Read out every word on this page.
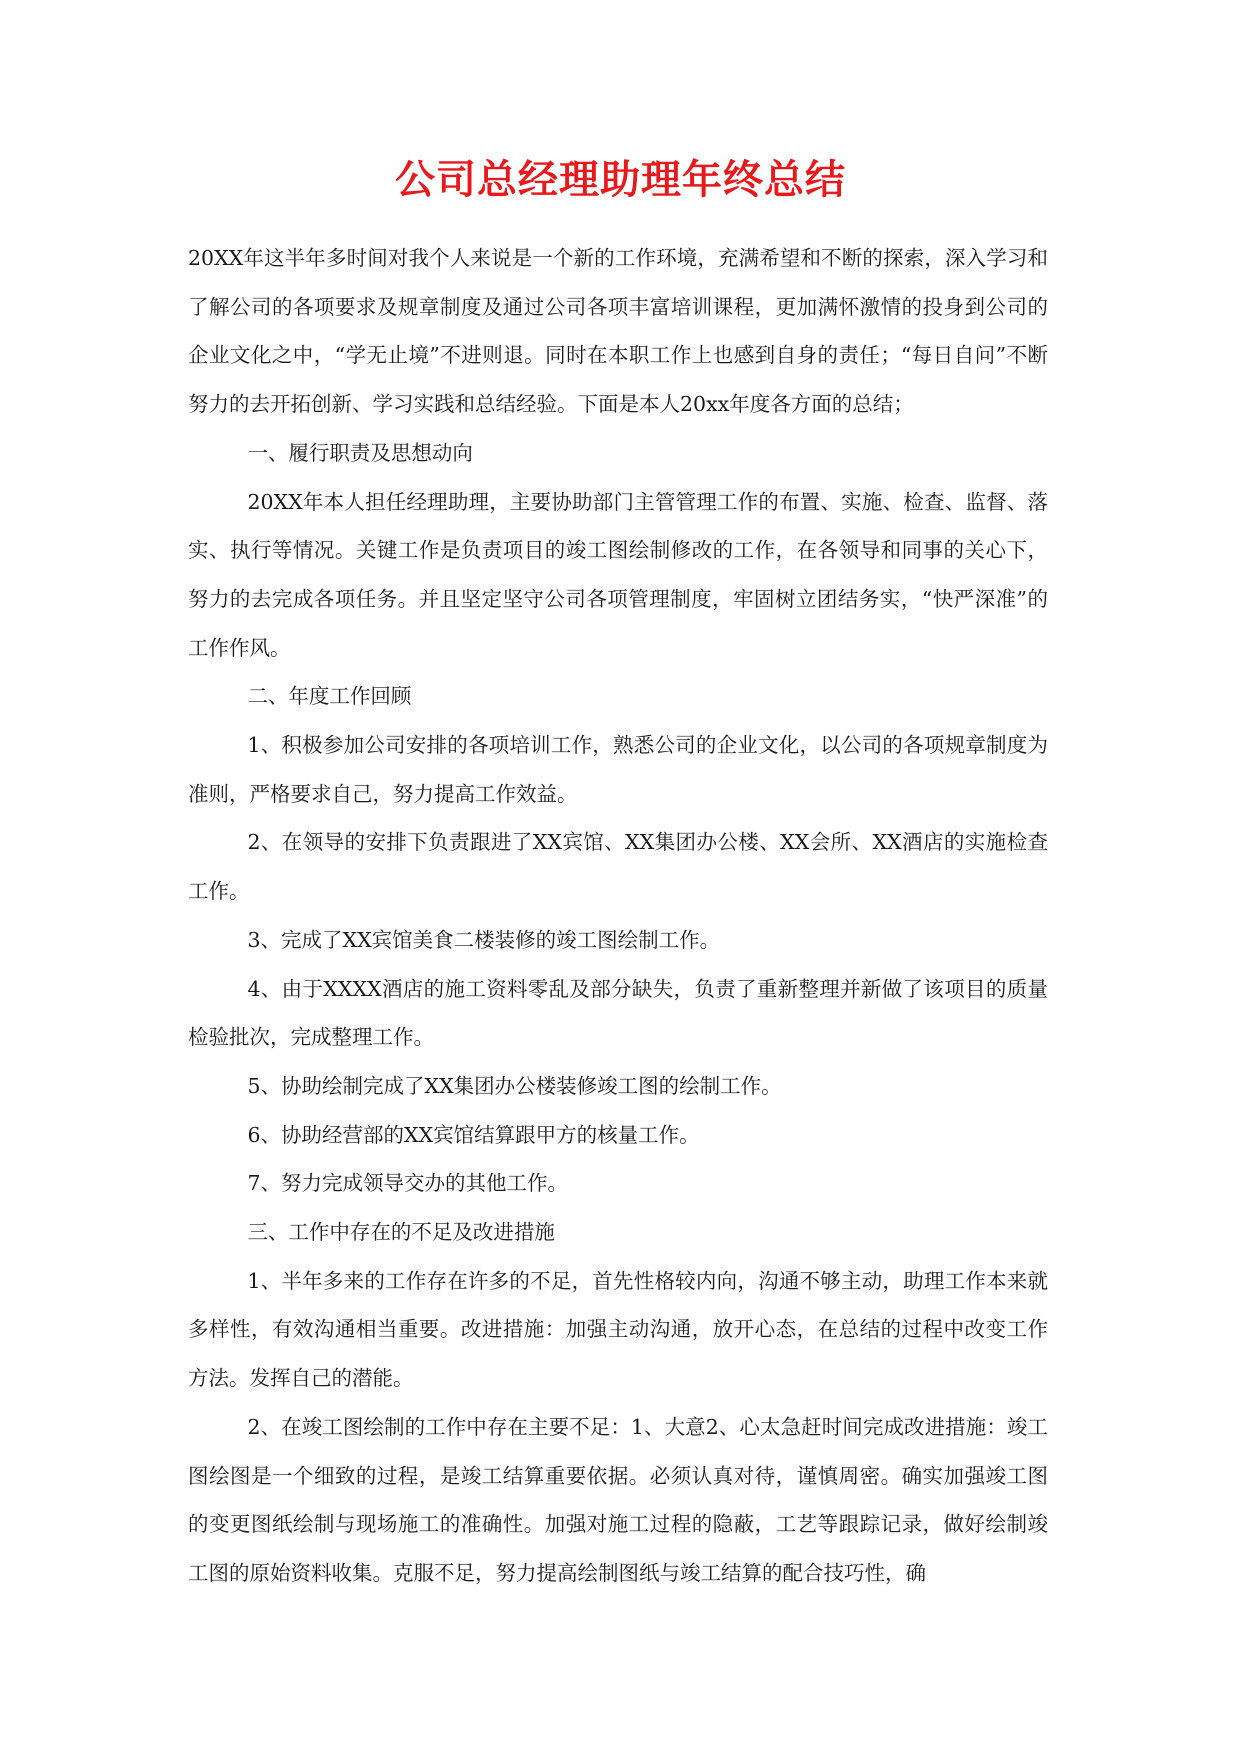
公司总经理助理年终总结

20XX年这半年多时间对我个人来说是一个新的工作环境，充满希望和不断的探索，深入学习和了解公司的各项要求及规章制度及通过公司各项丰富培训课程，更加满怀激情的投身到公司的企业文化之中，“学无止境”不进则退。同时在本职工作上也感到自身的责任；“每日自问”不断努力的去开拓创新、学习实践和总结经验。下面是本人20xx年度各方面的总结；

一、履行职责及思想动向

20XX年本人担任经理助理，主要协助部门主管管理工作的布置、实施、检查、监督、落实、执行等情况。关键工作是负责项目的竣工图绘制修改的工作，在各领导和同事的关心下，努力的去完成各项任务。并且坚定坚守公司各项管理制度，牢固树立团结务实，“快严深准”的工作作风。

二、年度工作回顾

1、积极参加公司安排的各项培训工作，熟悉公司的企业文化，以公司的各项规章制度为准则，严格要求自己，努力提高工作效益。

2、在领导的安排下负责跟进了XX宾馆、XX集团办公楼、XX会所、XX酒店的实施检查工作。

3、完成了XX宾馆美食二楼装修的竣工图绘制工作。

4、由于XXXX酒店的施工资料零乱及部分缺失，负责了重新整理并新做了该项目的质量检验批次，完成整理工作。

5、协助绘制完成了XX集团办公楼装修竣工图的绘制工作。

6、协助经营部的XX宾馆结算跟甲方的核量工作。

7、努力完成领导交办的其他工作。

三、工作中存在的不足及改进措施

1、半年多来的工作存在许多的不足，首先性格较内向，沟通不够主动，助理工作本来就多样性，有效沟通相当重要。改进措施：加强主动沟通，放开心态，在总结的过程中改变工作方法。发挥自己的潜能。

2、在竣工图绘制的工作中存在主要不足：1、大意2、心太急赶时间完成改进措施：竣工图绘图是一个细致的过程，是竣工结算重要依据。必须认真对待，谨慎周密。确实加强竣工图的变更图纸绘制与现场施工的准确性。加强对施工过程的隐蔽，工艺等跟踪记录，做好绘制竣工图的原始资料收集。克服不足，努力提高绘制图纸与竣工结算的配合技巧性，确
